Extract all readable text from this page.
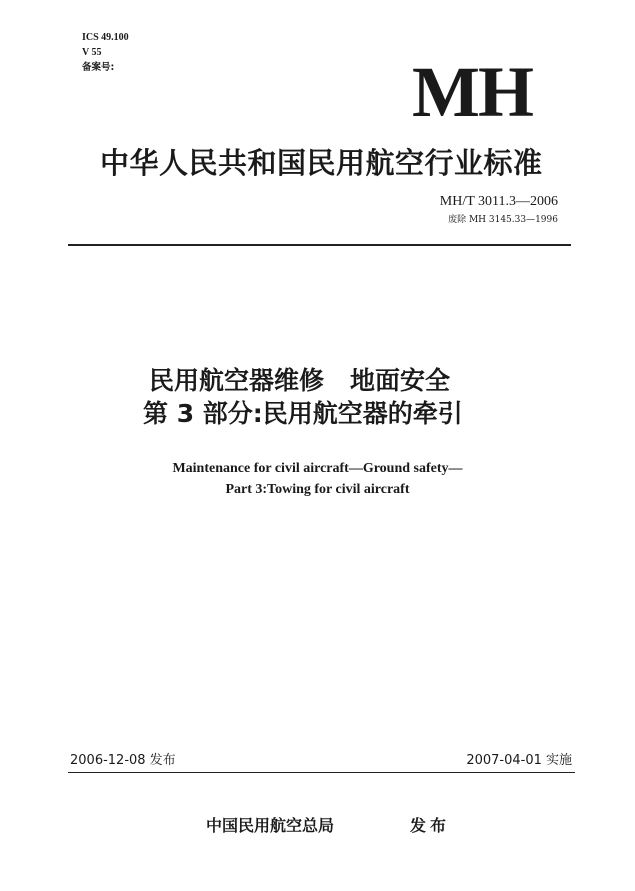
ICS 49.100
V 55
备案号:	MH
中华人民共和国民用航空行业标准
MH/T 3011.3—2006
废除 MH 3145.33—1996
民用航空器维修 地面安全
第 3 部分:民用航空器的牵引
Maintenance for civil aircraft—Ground safety—
Part 3:Towing for civil aircraft
2006-12-08 发布	2007-04-01 实施
中国民用航空总局	发布
